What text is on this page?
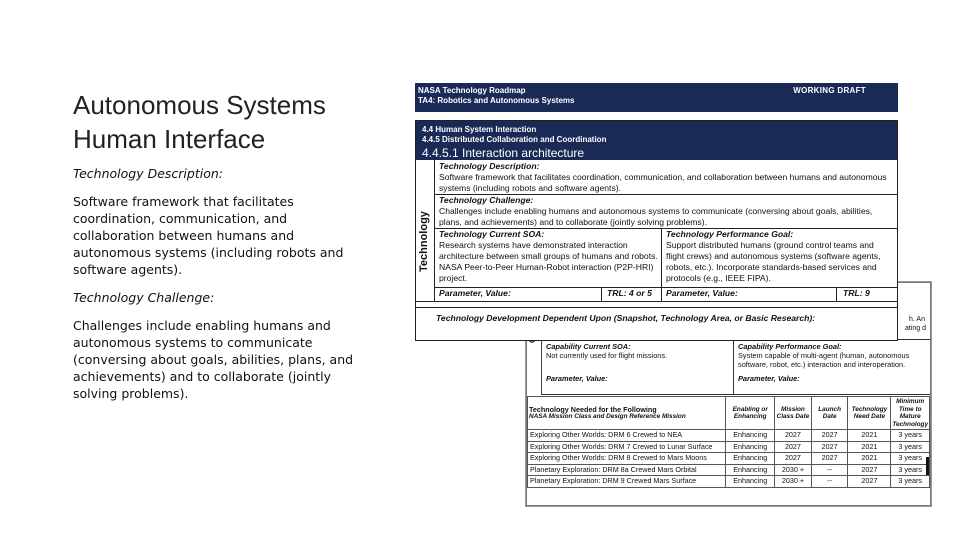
Autonomous Systems
Human Interface
Technology Description:
Software framework that facilitates coordination, communication, and collaboration between humans and autonomous systems (including robots and software agents).
Technology Challenge:
Challenges include enabling humans and autonomous systems to communicate (conversing about goals, abilities, plans, and achievements) and to collaborate (jointly solving problems).
h. An
ating d
Capability Current SOA:
Not currently used for flight missions.
Capability Performance Goal:
System capable of multi-agent (human, autonomous software, robot, etc.) interaction and interoperation.
Parameter, Value:	Parameter, Value:
Technology Needed for the Following
NASA Mission Class and Design Reference Mission	Enabling or Enhancing	Mission Class Date	Launch Date	Technology Need Date	Minimum Time to Mature Technology
Exploring Other Worlds: DRM 6 Crewed to NEA	Enhancing	2027	2027	2021	3 years
Exploring Other Worlds: DRM 7 Crewed to Lunar Surface	Enhancing	2027	2027	2021	3 years
Exploring Other Worlds: DRM 8 Crewed to Mars Moons	Enhancing	2027	2027	2021	3 years
Planetary Exploration: DRM 8a Crewed Mars Orbital	Enhancing	2030 +	--	2027	3 years
Planetary Exploration: DRM 9 Crewed Mars Surface	Enhancing	2030 +	--	2027	3 years
NASA Technology Roadmap
TA4: Robotics and Autonomous Systems
WORKING DRAFT
4.4 Human System Interaction
4.4.5 Distributed Collaboration and Coordination
4.4.5.1 Interaction architecture
Technology
Technology Description:
Software framework that facilitates coordination, communication, and collaboration between humans and autonomous systems (including robots and software agents).
Technology Challenge:
Challenges include enabling humans and autonomous systems to communicate (conversing about goals, abilities, plans, and achievements) and to collaborate (jointly solving problems).
Technology Current SOA:
Research systems have demonstrated interaction architecture between small groups of humans and robots. NASA Peer-to-Peer Human-Robot interaction (P2P-HRI) project.
Technology Performance Goal:
Support distributed humans (ground control teams and flight crews) and autonomous systems (software agents, robots, etc.). Incorporate standards-based services and protocols (e.g., IEEE FIPA).
Parameter, Value:	TRL: 4 or 5	Parameter, Value:	TRL: 9
Technology Development Dependent Upon (Snapshot, Technology Area, or Basic Research):
